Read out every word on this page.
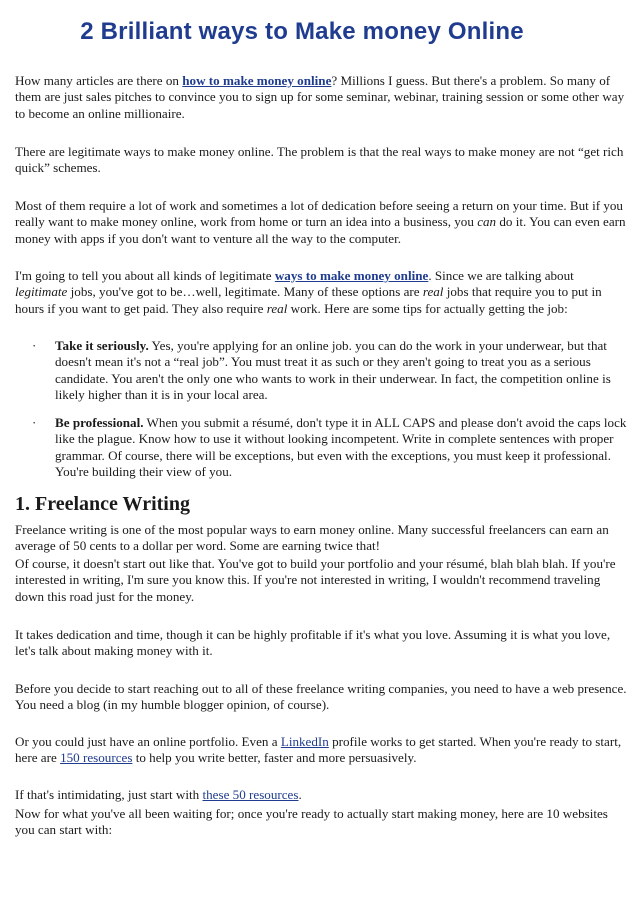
2 Brilliant ways to Make money Online

How many articles are there on how to make money online? Millions I guess. But there's a problem. So many of them are just sales pitches to convince you to sign up for some seminar, webinar, training session or some other way to become an online millionaire.

There are legitimate ways to make money online. The problem is that the real ways to make money are not “get rich quick” schemes.

Most of them require a lot of work and sometimes a lot of dedication before seeing a return on your time. But if you really want to make money online, work from home or turn an idea into a business, you can do it. You can even earn money with apps if you don't want to venture all the way to the computer.

I'm going to tell you about all kinds of legitimate ways to make money online. Since we are talking about legitimate jobs, you've got to be…well, legitimate. Many of these options are real jobs that require you to put in hours if you want to get paid. They also require real work. Here are some tips for actually getting the job:

· Take it seriously. Yes, you're applying for an online job. you can do the work in your underwear, but that doesn't mean it's not a “real job”. You must treat it as such or they aren't going to treat you as a serious candidate. You aren't the only one who wants to work in their underwear. In fact, the competition online is likely higher than it is in your local area.

· Be professional. When you submit a résumé, don't type it in ALL CAPS and please don't avoid the caps lock like the plague. Know how to use it without looking incompetent. Write in complete sentences with proper grammar. Of course, there will be exceptions, but even with the exceptions, you must keep it professional. You're building their view of you.

1. Freelance Writing

Freelance writing is one of the most popular ways to earn money online. Many successful freelancers can earn an average of 50 cents to a dollar per word. Some are earning twice that!

Of course, it doesn't start out like that. You've got to build your portfolio and your résumé, blah blah blah. If you're interested in writing, I'm sure you know this. If you're not interested in writing, I wouldn't recommend traveling down this road just for the money.

It takes dedication and time, though it can be highly profitable if it's what you love. Assuming it is what you love, let's talk about making money with it.

Before you decide to start reaching out to all of these freelance writing companies, you need to have a web presence. You need a blog (in my humble blogger opinion, of course).

Or you could just have an online portfolio. Even a LinkedIn profile works to get started. When you're ready to start, here are 150 resources to help you write better, faster and more persuasively.

If that's intimidating, just start with these 50 resources.

Now for what you've all been waiting for; once you're ready to actually start making money, here are 10 websites you can start with:
